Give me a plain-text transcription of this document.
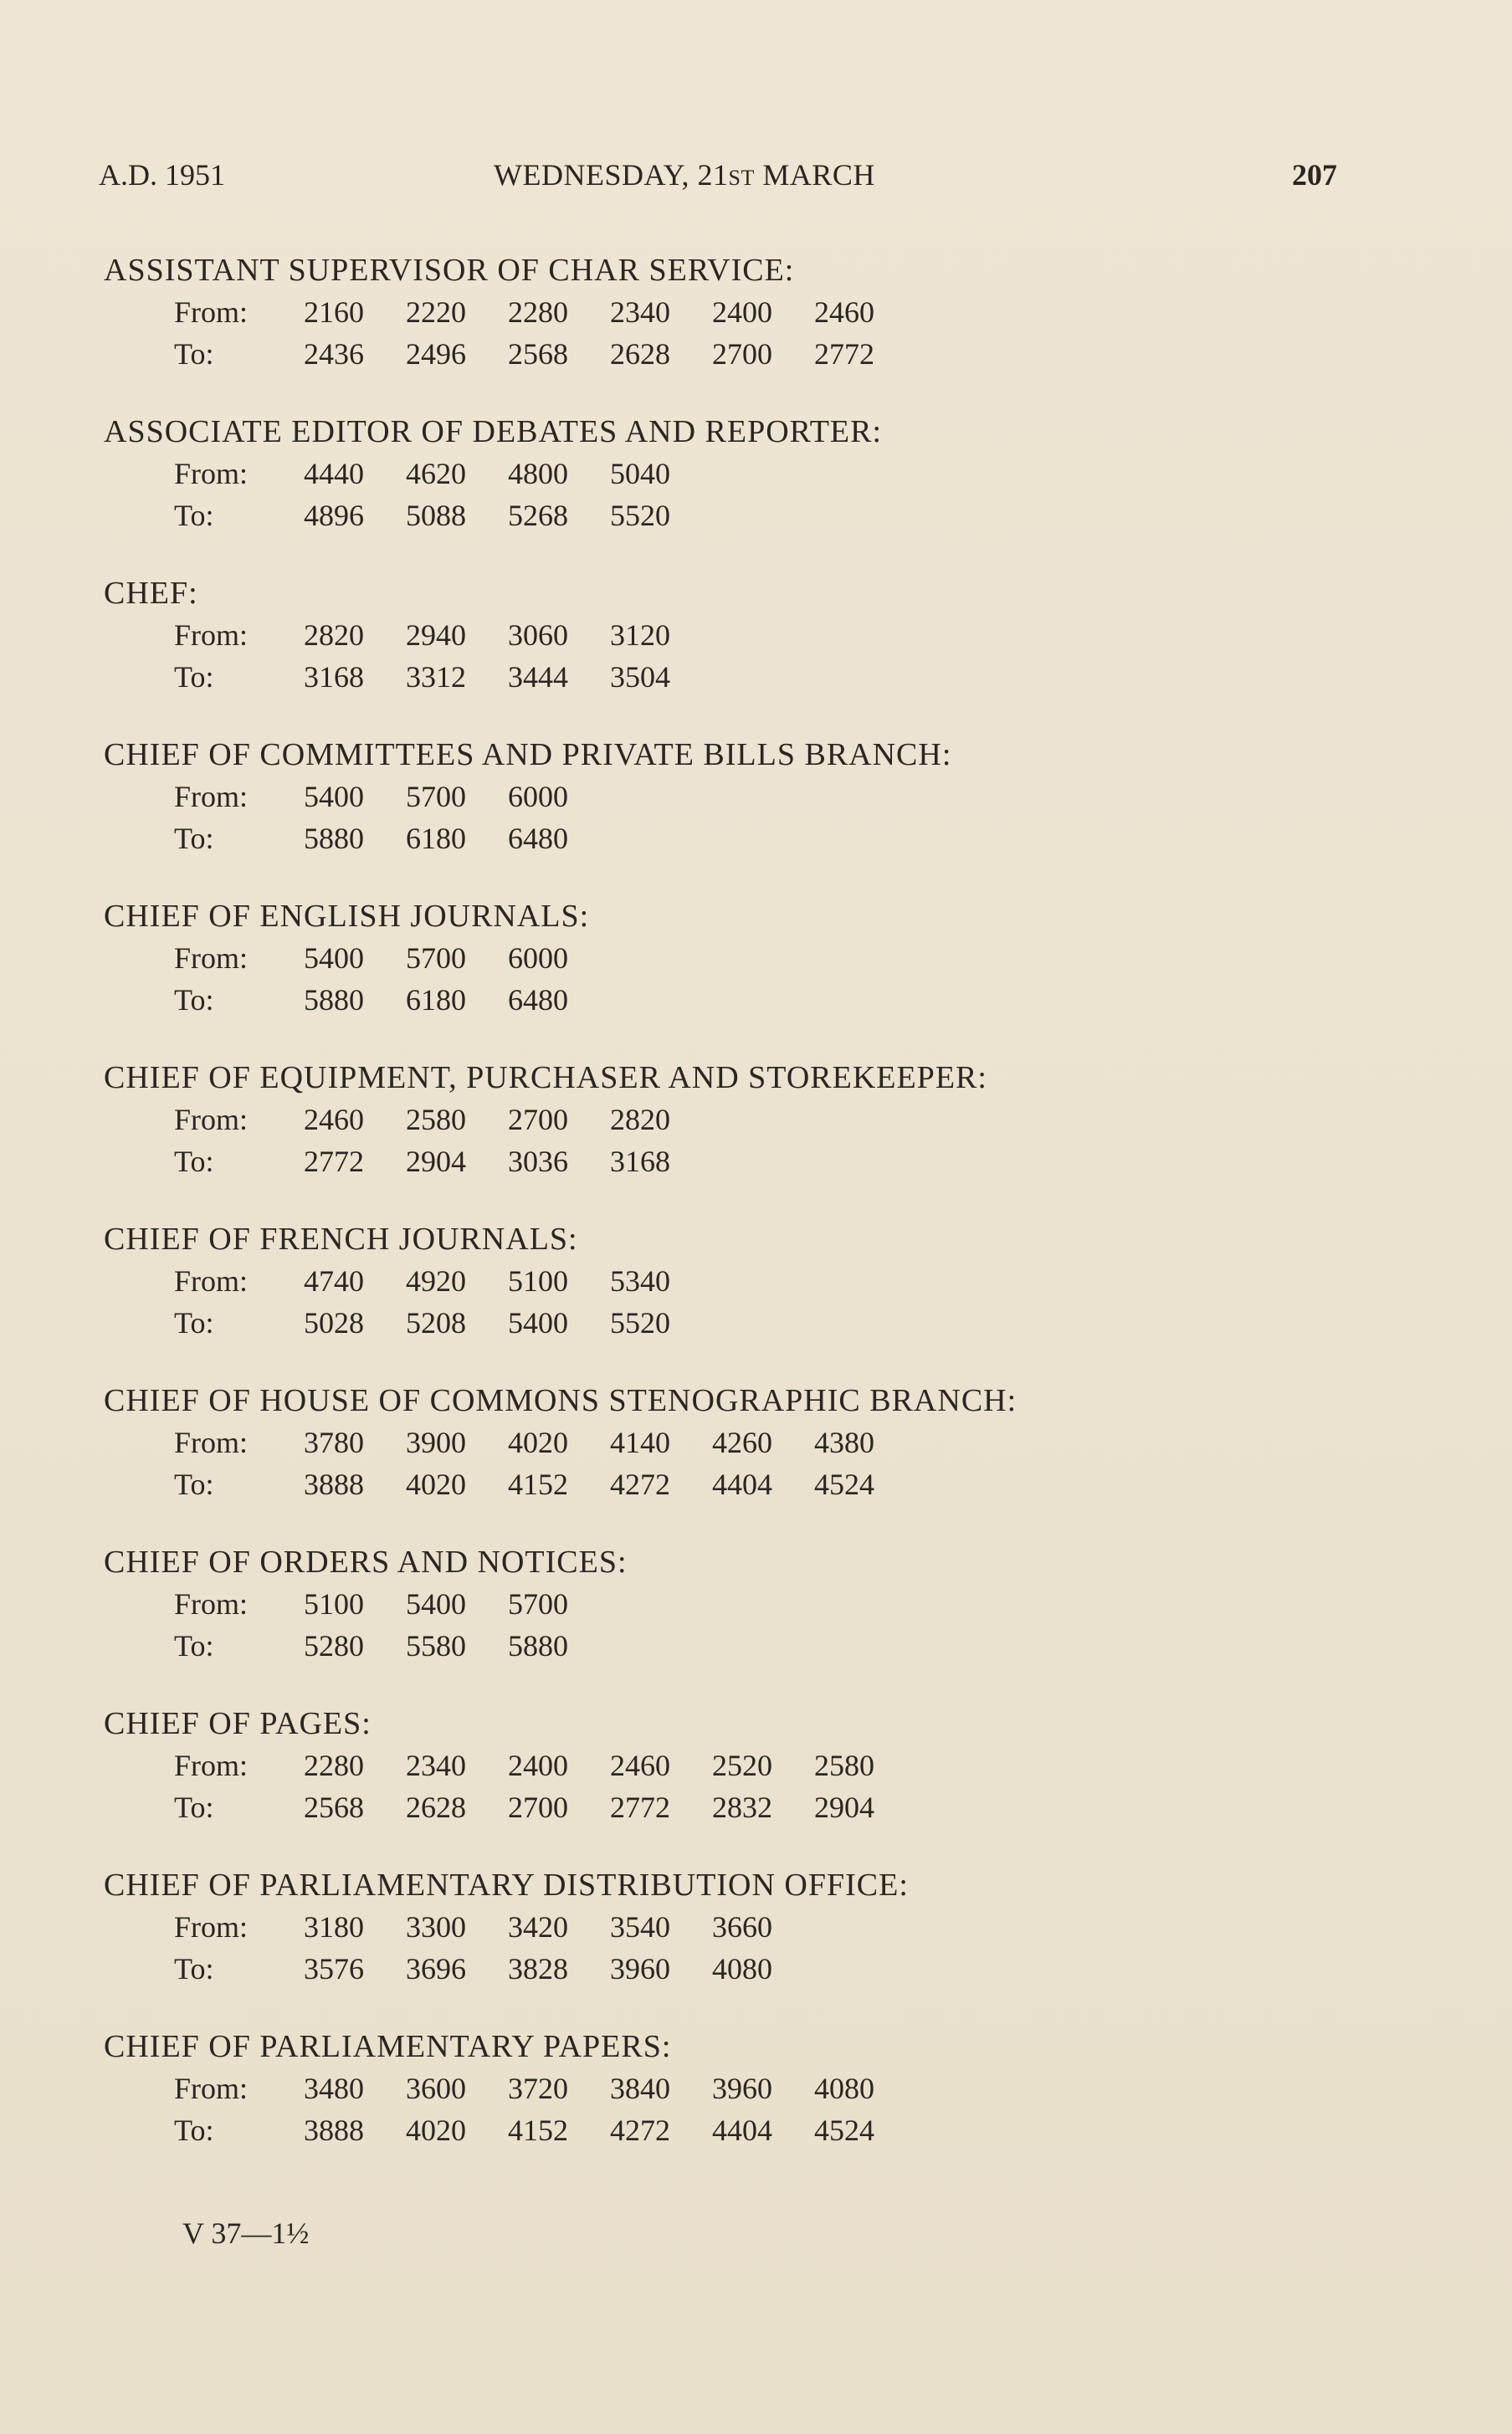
A.D. 1951	WEDNESDAY, 21ST MARCH	207
ASSISTANT SUPERVISOR OF CHAR SERVICE:
From:	2160	2220	2280	2340	2400	2460
To:	2436	2496	2568	2628	2700	2772
ASSOCIATE EDITOR OF DEBATES AND REPORTER:
From:	4440	4620	4800	5040
To:	4896	5088	5268	5520
CHEF:
From:	2820	2940	3060	3120
To:	3168	3312	3444	3504
CHIEF OF COMMITTEES AND PRIVATE BILLS BRANCH:
From:	5400	5700	6000
To:	5880	6180	6480
CHIEF OF ENGLISH JOURNALS:
From:	5400	5700	6000
To:	5880	6180	6480
CHIEF OF EQUIPMENT, PURCHASER AND STOREKEEPER:
From:	2460	2580	2700	2820
To:	2772	2904	3036	3168
CHIEF OF FRENCH JOURNALS:
From:	4740	4920	5100	5340
To:	5028	5208	5400	5520
CHIEF OF HOUSE OF COMMONS STENOGRAPHIC BRANCH:
From:	3780	3900	4020	4140	4260	4380
To:	3888	4020	4152	4272	4404	4524
CHIEF OF ORDERS AND NOTICES:
From:	5100	5400	5700
To:	5280	5580	5880
CHIEF OF PAGES:
From:	2280	2340	2400	2460	2520	2580
To:	2568	2628	2700	2772	2832	2904
CHIEF OF PARLIAMENTARY DISTRIBUTION OFFICE:
From:	3180	3300	3420	3540	3660
To:	3576	3696	3828	3960	4080
CHIEF OF PARLIAMENTARY PAPERS:
From:	3480	3600	3720	3840	3960	4080
To:	3888	4020	4152	4272	4404	4524
V 37—1½
